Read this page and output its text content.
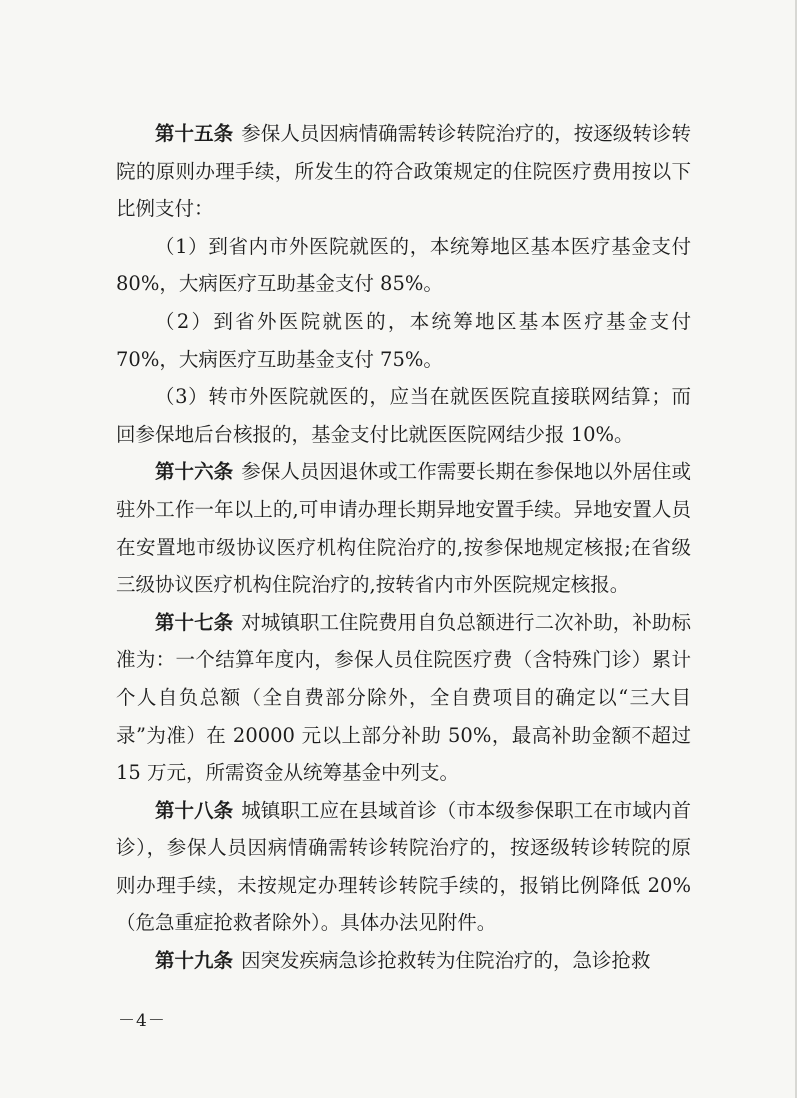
第十五条 参保人员因病情确需转诊转院治疗的，按逐级转诊转院的原则办理手续，所发生的符合政策规定的住院医疗费用按以下比例支付：

（1）到省内市外医院就医的，本统筹地区基本医疗基金支付 80%，大病医疗互助基金支付 85%。

（2）到省外医院就医的，本统筹地区基本医疗基金支付 70%，大病医疗互助基金支付 75%。

（3）转市外医院就医的，应当在就医医院直接联网结算；而回参保地后台核报的，基金支付比就医医院网结少报 10%。

第十六条 参保人员因退休或工作需要长期在参保地以外居住或驻外工作一年以上的,可申请办理长期异地安置手续。异地安置人员在安置地市级协议医疗机构住院治疗的,按参保地规定核报;在省级三级协议医疗机构住院治疗的,按转省内市外医院规定核报。

第十七条 对城镇职工住院费用自负总额进行二次补助，补助标准为：一个结算年度内，参保人员住院医疗费（含特殊门诊）累计个人自负总额（全自费部分除外，全自费项目的确定以“三大目录”为准）在 20000 元以上部分补助 50%，最高补助金额不超过 15 万元，所需资金从统筹基金中列支。

第十八条 城镇职工应在县域首诊（市本级参保职工在市域内首诊），参保人员因病情确需转诊转院治疗的，按逐级转诊转院的原则办理手续，未按规定办理转诊转院手续的，报销比例降低 20%（危急重症抢救者除外）。具体办法见附件。

第十九条 因突发疾病急诊抢救转为住院治疗的，急诊抢救

－4－
